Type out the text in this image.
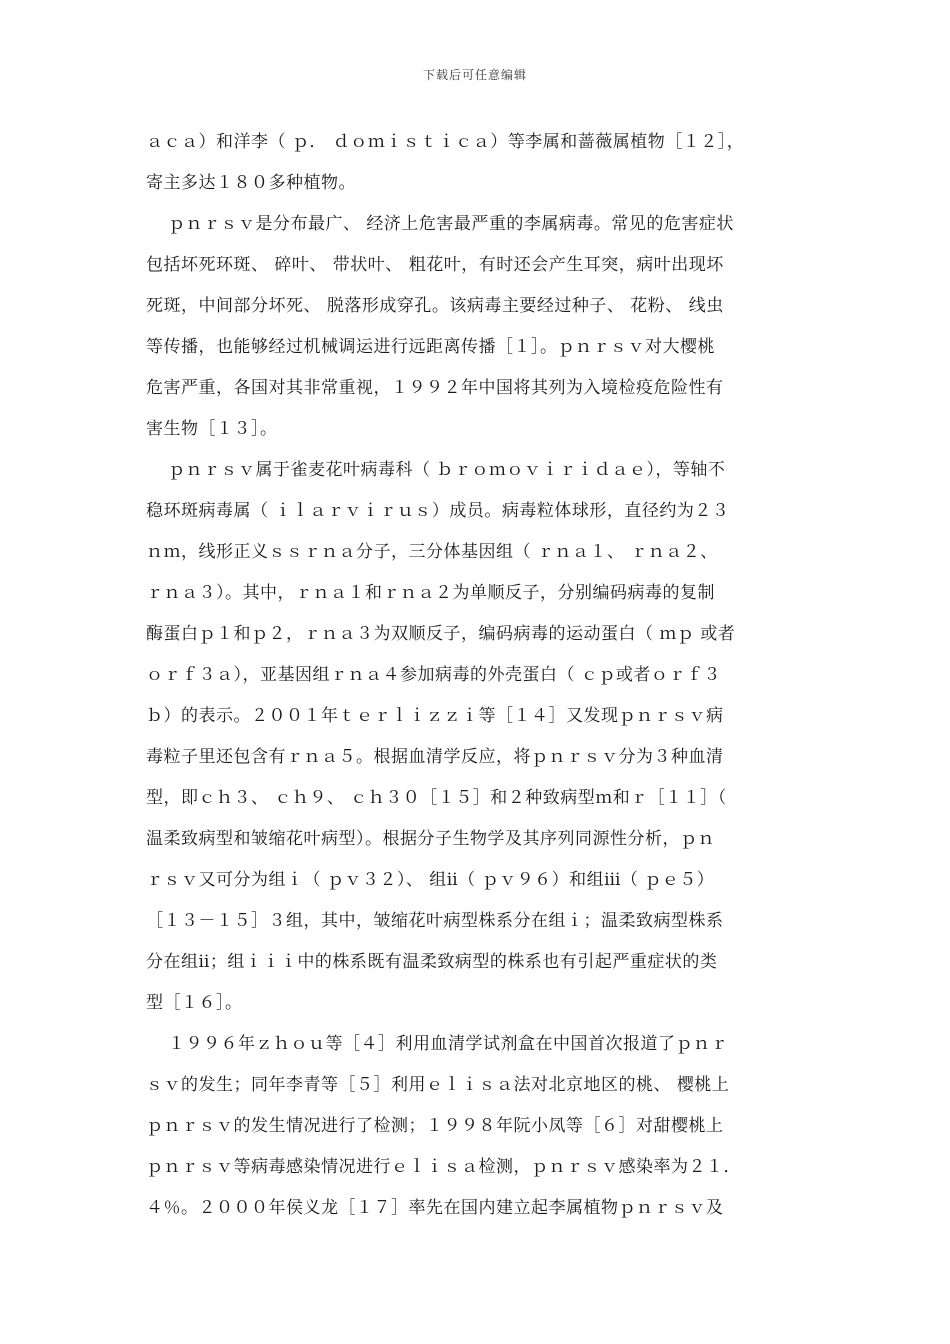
下载后可任意编辑
ａｃａ）和洋李（ ｐ． ｄｏｍｉｓｔｉｃａ）等李属和蔷薇属植物［１２］，
寄主多达１８０多种植物。
ｐｎｒｓｖ是分布最广、 经济上危害最严重的李属病毒。常见的危害症状
包括坏死环斑、 碎叶、 带状叶、 粗花叶，有时还会产生耳突，病叶出现坏
死斑，中间部分坏死、 脱落形成穿孔。该病毒主要经过种子、 花粉、 线虫
等传播，也能够经过机械调运进行远距离传播［１］。ｐｎｒｓｖ对大樱桃
危害严重，各国对其非常重视，１９９２年中国将其列为入境检疫危险性有
害生物［１３］。
ｐｎｒｓｖ属于雀麦花叶病毒科（ ｂｒｏｍｏｖｉｒｉｄａｅ），等轴不
稳环斑病毒属（ ｉｌａｒｖｉｒｕｓ）成员。病毒粒体球形，直径约为２３
ｎｍ，线形正义ｓｓｒｎａ分子，三分体基因组（ ｒｎａ１、 ｒｎａ２、
ｒｎａ３）。其中，ｒｎａ１和ｒｎａ２为单顺反子，分别编码病毒的复制
酶蛋白ｐ１和ｐ２，ｒｎａ３为双顺反子，编码病毒的运动蛋白（ ｍｐ 或者
ｏｒｆ３ａ），亚基因组ｒｎａ４参加病毒的外壳蛋白（ ｃｐ或者ｏｒｆ３
ｂ）的表示。２００１年ｔｅｒｌｉｚｚｉ等［１４］又发现ｐｎｒｓｖ病
毒粒子里还包含有ｒｎａ５。根据血清学反应，将ｐｎｒｓｖ分为３种血清
型，即ｃｈ３、 ｃｈ９、 ｃｈ３０［１５］和２种致病型ｍ和ｒ［１１］（
温柔致病型和皱缩花叶病型）。根据分子生物学及其序列同源性分析，ｐｎ
ｒｓｖ又可分为组ｉ（ ｐｖ３２）、 组ⅱ（ ｐｖ９６）和组ⅲ（ ｐｅ５）
［１３－１５］３组，其中，皱缩花叶病型株系分在组ｉ；温柔致病型株系
分在组ⅱ；组ｉｉｉ中的株系既有温柔致病型的株系也有引起严重症状的类
型［１６］。
１９９６年ｚｈｏｕ等［４］利用血清学试剂盒在中国首次报道了ｐｎｒ
ｓｖ的发生；同年李青等［５］利用ｅｌｉｓａ法对北京地区的桃、 樱桃上
ｐｎｒｓｖ的发生情况进行了检测；１９９８年阮小凤等［６］对甜樱桃上
ｐｎｒｓｖ等病毒感染情况进行ｅｌｉｓａ检测，ｐｎｒｓｖ感染率为２１．
４％。２０００年侯义龙［１７］率先在国内建立起李属植物ｐｎｒｓｖ及
